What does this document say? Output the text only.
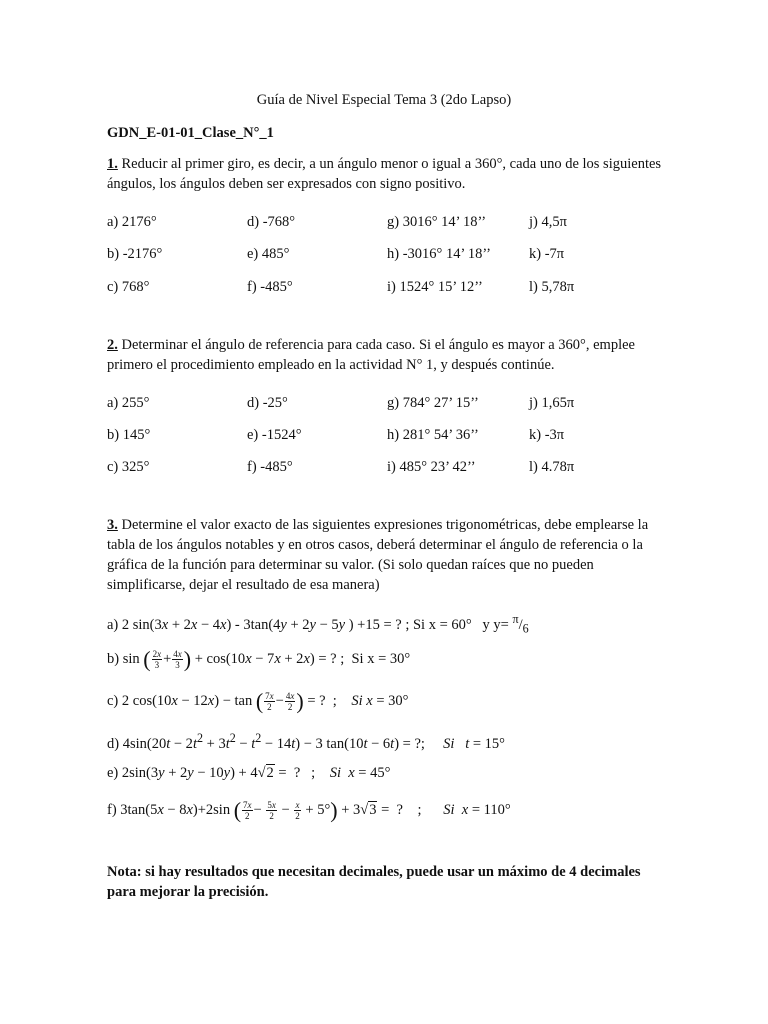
Guía de Nivel Especial Tema 3 (2do Lapso)
GDN_E-01-01_Clase_N°_1
1. Reducir al primer giro, es decir, a un ángulo menor o igual a 360°, cada uno de los siguientes ángulos, los ángulos deben ser expresados con signo positivo.
a) 2176°	d) -768°	g) 3016° 14’ 18’’	j) 4,5π
b) -2176°	e) 485°	h) -3016° 14’ 18’’	k) -7π
c) 768°	f) -485°	i) 1524° 15’ 12’’	l) 5,78π
2. Determinar el ángulo de referencia para cada caso. Si el ángulo es mayor a 360°, emplee primero el procedimiento empleado en la actividad N° 1, y después continúe.
a) 255°	d) -25°	g) 784° 27’ 15’’	j) 1,65π
b) 145°	e) -1524°	h) 281° 54’ 36’’	k) -3π
c) 325°	f) -485°	i) 485° 23’ 42’’	l) 4.78π
3. Determine el valor exacto de las siguientes expresiones trigonométricas, debe emplearse la tabla de los ángulos notables y en otros casos, deberá determinar el ángulo de referencia o la gráfica de la función para determinar su valor. (Si solo quedan raíces que no pueden simplificarse, dejar el resultado de esa manera)
a) 2 sin(3x + 2x − 4x) - 3tan(4y + 2y − 5y ) +15 = ? ; Si x = 60°   y $y= ^\pi/_6$
b) sin ( $\frac{2x}{3} + \frac{4x}{3}$ ) + cos(10x − 7x + 2x) = ? ;  Si x = 30°
c) 2 cos(10x − 12x) − tan ( $\frac{7x}{2} - \frac{4x}{2}$ ) = ?  ;    Si x = 30°
d) $4\sin(20t - 2t^2 + 3t^2 - t^2 - 14t) - 3$ tan(10t − 6t) = ?;     Si   t = 15°
e) 2sin(3y + 2y − 10y) + 4√2 =  ?   ;    Si  x = 45°
f) 3tan(5x − 8x)+2sin ( $\frac{7x}{2} - \frac{5x}{2} - \frac{x}{2} + 5^\circ) + 3√3$ =  ?    ;      Si  x = 110°
Nota: si hay resultados que necesitan decimales, puede usar un máximo de 4 decimales para mejorar la precisión.
